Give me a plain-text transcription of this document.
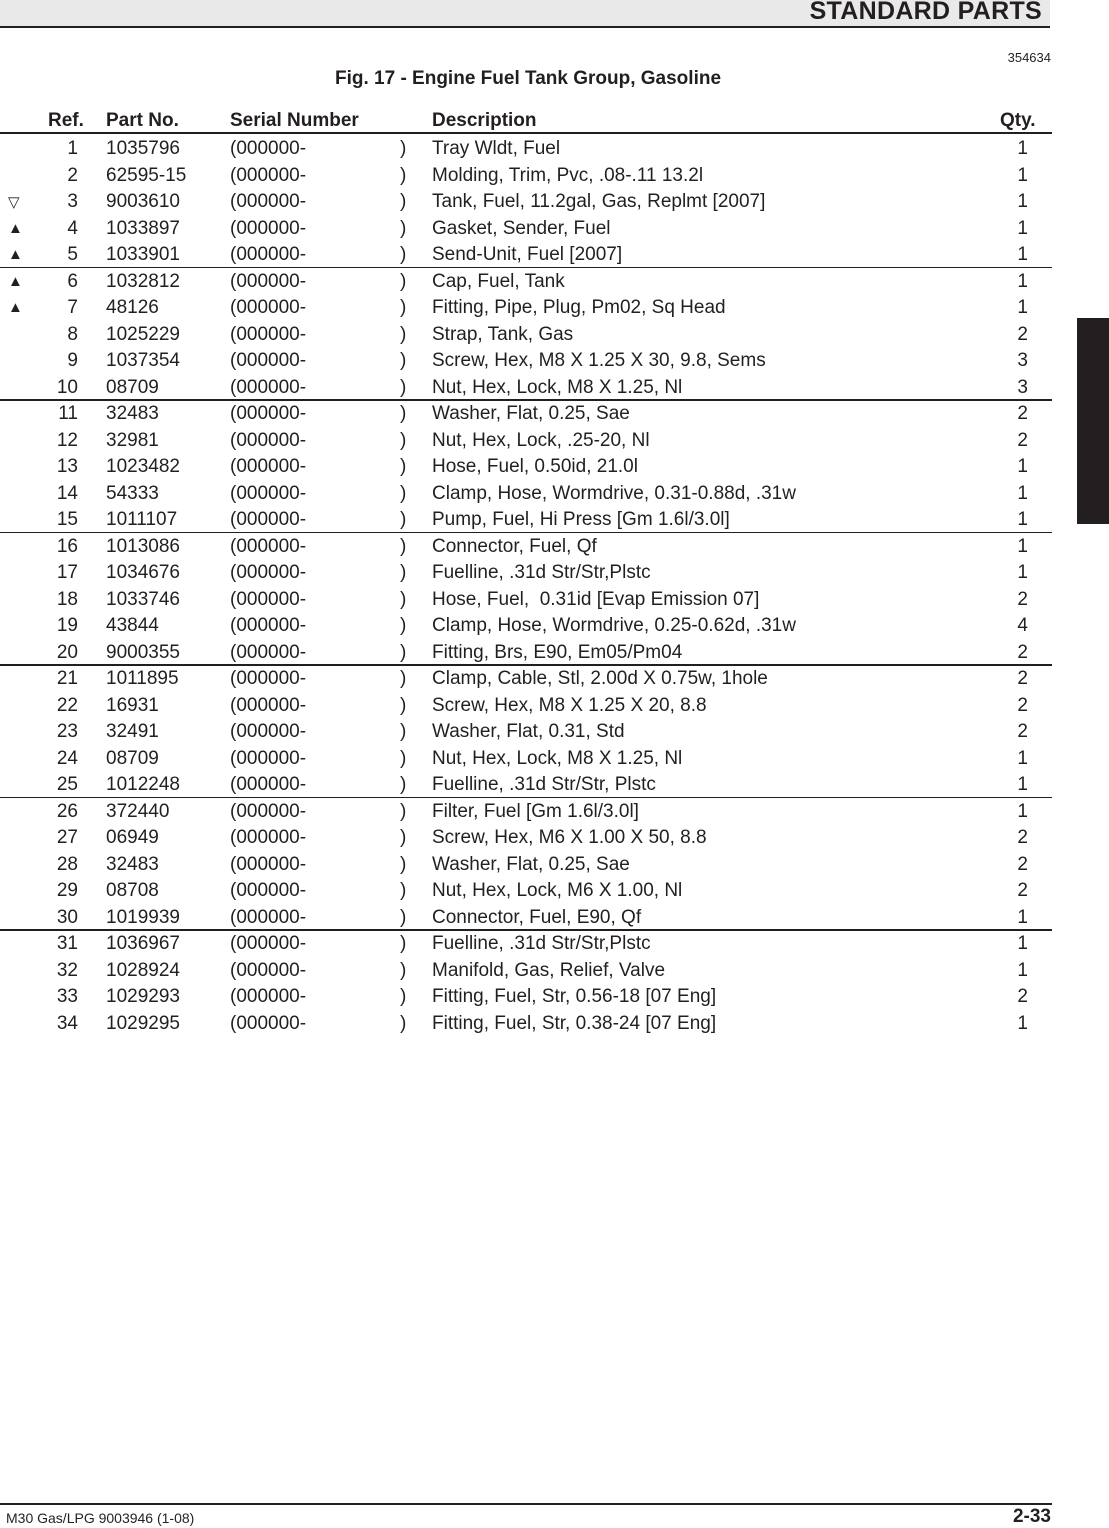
STANDARD PARTS
354634
Fig. 17 - Engine Fuel Tank Group, Gasoline
Ref. Part No.	Serial Number	Description	Qty.
1 1035796	(000000-	) Tray Wldt, Fuel	1
2 62595-15 (000000-	) Molding, Trim, Pvc, .08-.11 13.2l	1
▽	3 9003610	(000000-	) Tank, Fuel, 11.2gal, Gas, Replmt [2007]	1
▲	4 1033897	(000000-	) Gasket, Sender, Fuel	1
▲	5 1033901	(000000-	) Send-Unit, Fuel [2007]	1
▲	6 1032812	(000000-	) Cap, Fuel, Tank	1
▲	7 48126	(000000-	) Fitting, Pipe, Plug, Pm02, Sq Head	1
8 1025229	(000000-	) Strap, Tank, Gas	2
9 1037354	(000000-	) Screw, Hex, M8 X 1.25 X 30, 9.8, Sems	3
10 08709	(000000-	) Nut, Hex, Lock, M8 X 1.25, Nl	3
11 32483	(000000-	) Washer, Flat, 0.25, Sae	2
12 32981	(000000-	) Nut, Hex, Lock, .25-20, Nl	2
13 1023482	(000000-	) Hose, Fuel, 0.50id, 21.0l	1
14 54333	(000000-	) Clamp, Hose, Wormdrive, 0.31-0.88d, .31w	1
15 1011107	(000000-	) Pump, Fuel, Hi Press [Gm 1.6l/3.0l]	1
16 1013086	(000000-	) Connector, Fuel, Qf	1
17 1034676	(000000-	) Fuelline, .31d Str/Str,Plstc	1
18 1033746	(000000-	) Hose, Fuel,  0.31id [Evap Emission 07]	2
19 43844	(000000-	) Clamp, Hose, Wormdrive, 0.25-0.62d, .31w	4
20 9000355	(000000-	) Fitting, Brs, E90, Em05/Pm04	2
21 1011895	(000000-	) Clamp, Cable, Stl, 2.00d X 0.75w, 1hole	2
22 16931	(000000-	) Screw, Hex, M8 X 1.25 X 20, 8.8	2
23 32491	(000000-	) Washer, Flat, 0.31, Std	2
24 08709	(000000-	) Nut, Hex, Lock, M8 X 1.25, Nl	1
25 1012248	(000000-	) Fuelline, .31d Str/Str, Plstc	1
26 372440	(000000-	) Filter, Fuel [Gm 1.6l/3.0l]	1
27 06949	(000000-	) Screw, Hex, M6 X 1.00 X 50, 8.8	2
28 32483	(000000-	) Washer, Flat, 0.25, Sae	2
29 08708	(000000-	) Nut, Hex, Lock, M6 X 1.00, Nl	2
30 1019939	(000000-	) Connector, Fuel, E90, Qf	1
31 1036967	(000000-	) Fuelline, .31d Str/Str,Plstc	1
32 1028924	(000000-	) Manifold, Gas, Relief, Valve	1
33 1029293	(000000-	) Fitting, Fuel, Str, 0.56-18 [07 Eng]	2
34 1029295	(000000-	) Fitting, Fuel, Str, 0.38-24 [07 Eng]	1
M30 Gas/LPG 9003946 (1-08)	2-33
